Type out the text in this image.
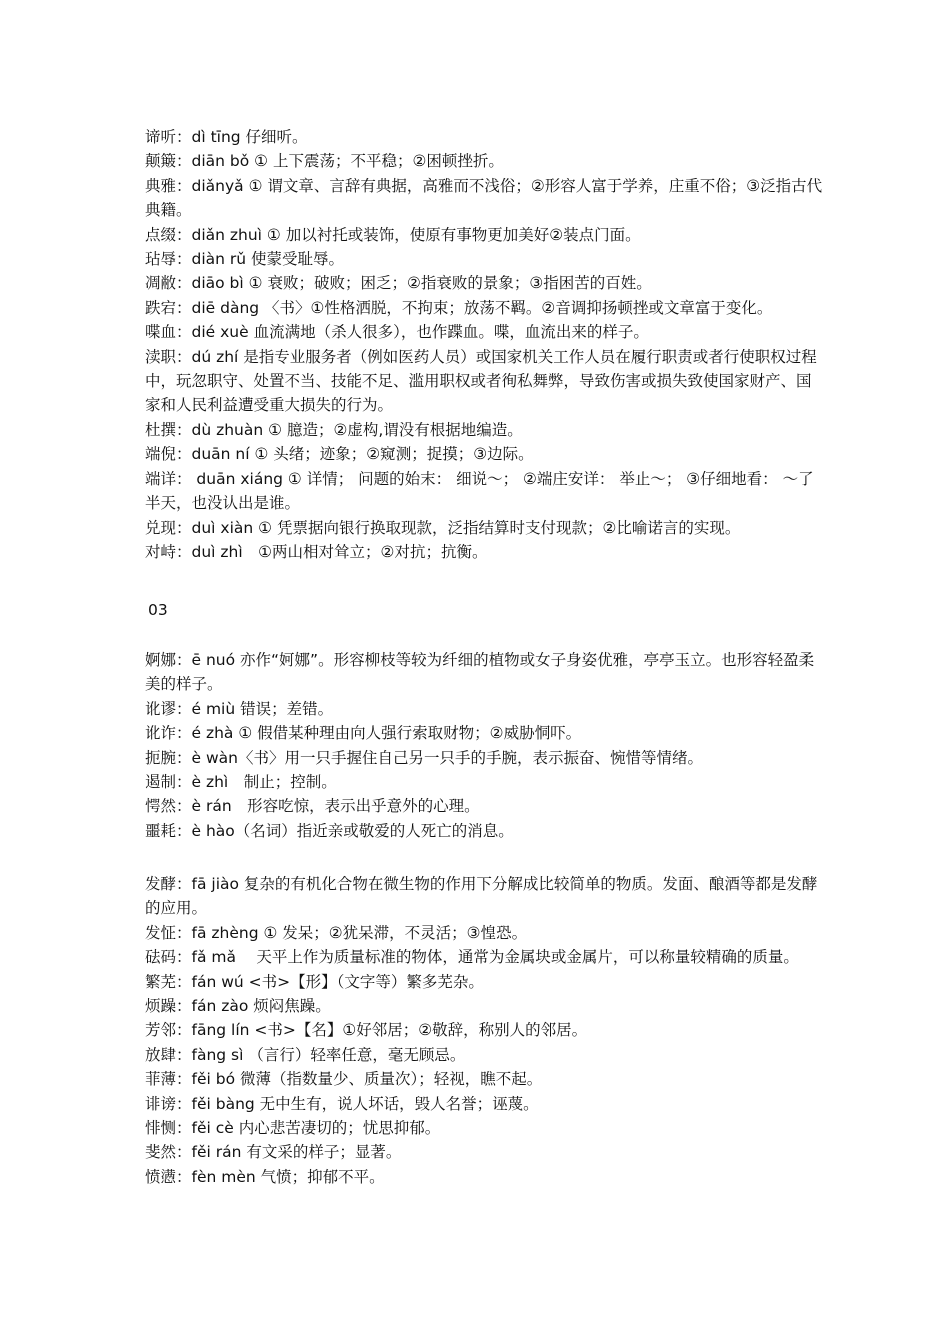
谛听：dì tīng 仔细听。
颠簸：diān bǒ ① 上下震荡；不平稳；②困顿挫折。
典雅：diǎnyǎ ① 谓文章、言辞有典据，高雅而不浅俗；②形容人富于学养，庄重不俗；③泛指古代典籍。
点缀：diǎn zhuì ① 加以衬托或装饰，使原有事物更加美好②装点门面。
玷辱：diàn rǔ 使蒙受耻辱。
凋敝：diāo bì ① 衰败；破败；困乏；②指衰败的景象；③指困苦的百姓。
跌宕：diē dàng 〈书〉①性格洒脱，不拘束；放荡不羁。②音调抑扬顿挫或文章富于变化。
喋血：dié xuè 血流满地（杀人很多），也作蹀血。喋，血流出来的样子。
渎职：dú zhí 是指专业服务者（例如医药人员）或国家机关工作人员在履行职责或者行使职权过程中，玩忽职守、处置不当、技能不足、滥用职权或者徇私舞弊，导致伤害或损失致使国家财产、国家和人民利益遭受重大损失的行为。
杜撰：dù zhuàn ① 臆造；②虚构,谓没有根据地编造。
端倪：duān ní ① 头绪；迹象；②窥测；捉摸；③边际。
端详： duān xiáng ① 详情； 问题的始末： 细说～； ②端庄安详： 举止～； ③仔细地看： ～了半天，也没认出是谁。
兑现：duì xiàn ① 凭票据向银行换取现款，泛指结算时支付现款；②比喻诺言的实现。
对峙：duì zhì　①两山相对耸立；②对抗；抗衡。
03
婀娜：ē nuó 亦作“妸娜”。形容柳枝等较为纤细的植物或女子身姿优雅，亭亭玉立。也形容轻盈柔美的样子。
讹谬：é miù 错误；差错。
讹诈：é zhà ① 假借某种理由向人强行索取财物；②威胁恫吓。
扼腕：è wàn〈书〉用一只手握住自己另一只手的手腕，表示振奋、惋惜等情绪。
遏制：è zhì　制止；控制。
愕然：è rán　形容吃惊，表示出乎意外的心理。
噩耗：è hào（名词）指近亲或敬爱的人死亡的消息。
发酵：fā jiào 复杂的有机化合物在微生物的作用下分解成比较简单的物质。发面、酿酒等都是发酵的应用。
发怔：fā zhèng ① 发呆；②犹呆滞，不灵活；③惶恐。
砝码：fǎ mǎ　 天平上作为质量标准的物体，通常为金属块或金属片，可以称量较精确的质量。
繁芜：fán wú <书>【形】（文字等）繁多芜杂。
烦躁：fán zào 烦闷焦躁。
芳邻：fāng lín <书>【名】①好邻居；②敬辞，称别人的邻居。
放肆：fàng sì （言行）轻率任意，毫无顾忌。
菲薄：fěi bó 微薄（指数量少、质量次）；轻视，瞧不起。
诽谤：fěi bàng 无中生有，说人坏话，毁人名誉；诬蔑。
悱恻：fěi cè 内心悲苦凄切的；忧思抑郁。
斐然：fěi rán 有文采的样子；显著。
愤懑：fèn mèn 气愤；抑郁不平。
